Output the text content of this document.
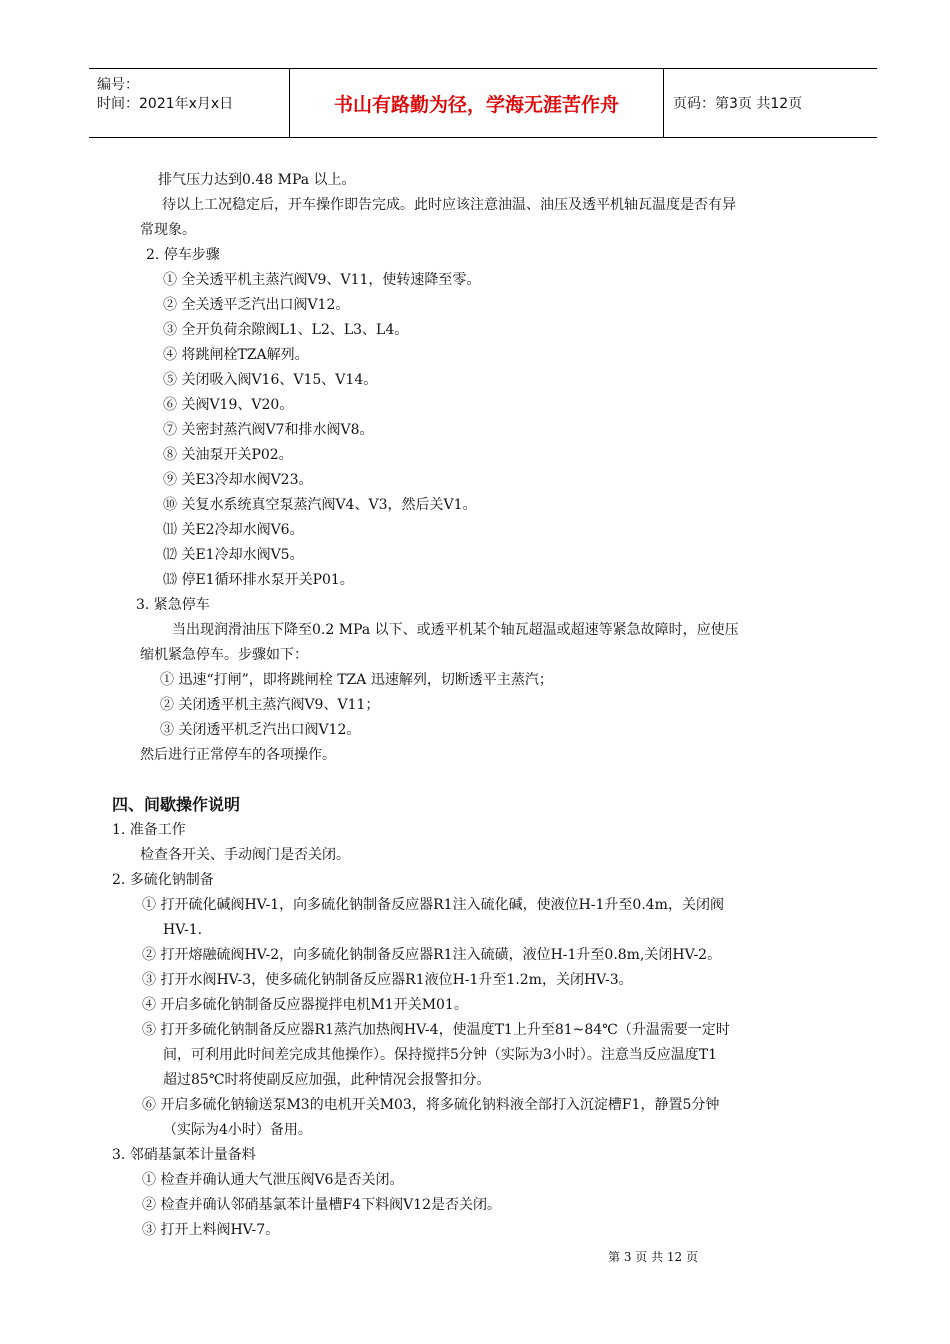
编号：
时间：2021年x月x日	书山有路勤为径，学海无涯苦作舟	页码：第3页 共12页
排气压力达到0.48 MPa 以上。
待以上工况稳定后，开车操作即告完成。此时应该注意油温、油压及透平机轴瓦温度是否有异
常现象。
2. 停车步骤
① 全关透平机主蒸汽阀V9、V11，使转速降至零。
② 全关透平乏汽出口阀V12。
③ 全开负荷余隙阀L1、L2、L3、L4。
④ 将跳闸栓TZA解列。
⑤ 关闭吸入阀V16、V15、V14。
⑥ 关阀V19、V20。
⑦ 关密封蒸汽阀V7和排水阀V8。
⑧ 关油泵开关P02。
⑨ 关E3冷却水阀V23。
⑩ 关复水系统真空泵蒸汽阀V4、V3，然后关V1。
⑾ 关E2冷却水阀V6。
⑿ 关E1冷却水阀V5。
⒀ 停E1循环排水泵开关P01。
3. 紧急停车
当出现润滑油压下降至0.2 MPa 以下、或透平机某个轴瓦超温或超速等紧急故障时，应使压
缩机紧急停车。步骤如下：
① 迅速“打闸”，即将跳闸栓 TZA 迅速解列，切断透平主蒸汽；
② 关闭透平机主蒸汽阀V9、V11；
③ 关闭透平机乏汽出口阀V12。
然后进行正常停车的各项操作。
四、间歇操作说明
1. 准备工作
检查各开关、手动阀门是否关闭。
2. 多硫化钠制备
① 打开硫化碱阀HV-1，向多硫化钠制备反应器R1注入硫化碱，使液位H-1升至0.4m，关闭阀
HV-1.
② 打开熔融硫阀HV-2，向多硫化钠制备反应器R1注入硫磺，液位H-1升至0.8m,关闭HV-2。
③ 打开水阀HV-3，使多硫化钠制备反应器R1液位H-1升至1.2m，关闭HV-3。
④ 开启多硫化钠制备反应器搅拌电机M1开关M01。
⑤ 打开多硫化钠制备反应器R1蒸汽加热阀HV-4，使温度T1上升至81~84℃（升温需要一定时
间，可利用此时间差完成其他操作）。保持搅拌5分钟（实际为3小时）。注意当反应温度T1
超过85℃时将使副反应加强，此种情况会报警扣分。
⑥ 开启多硫化钠输送泵M3的电机开关M03，将多硫化钠料液全部打入沉淀槽F1，静置5分钟
（实际为4小时）备用。
3. 邻硝基氯苯计量备料
① 检查并确认通大气泄压阀V6是否关闭。
② 检查并确认邻硝基氯苯计量槽F4下料阀V12是否关闭。
③ 打开上料阀HV-7。
第 3 页 共 12 页
